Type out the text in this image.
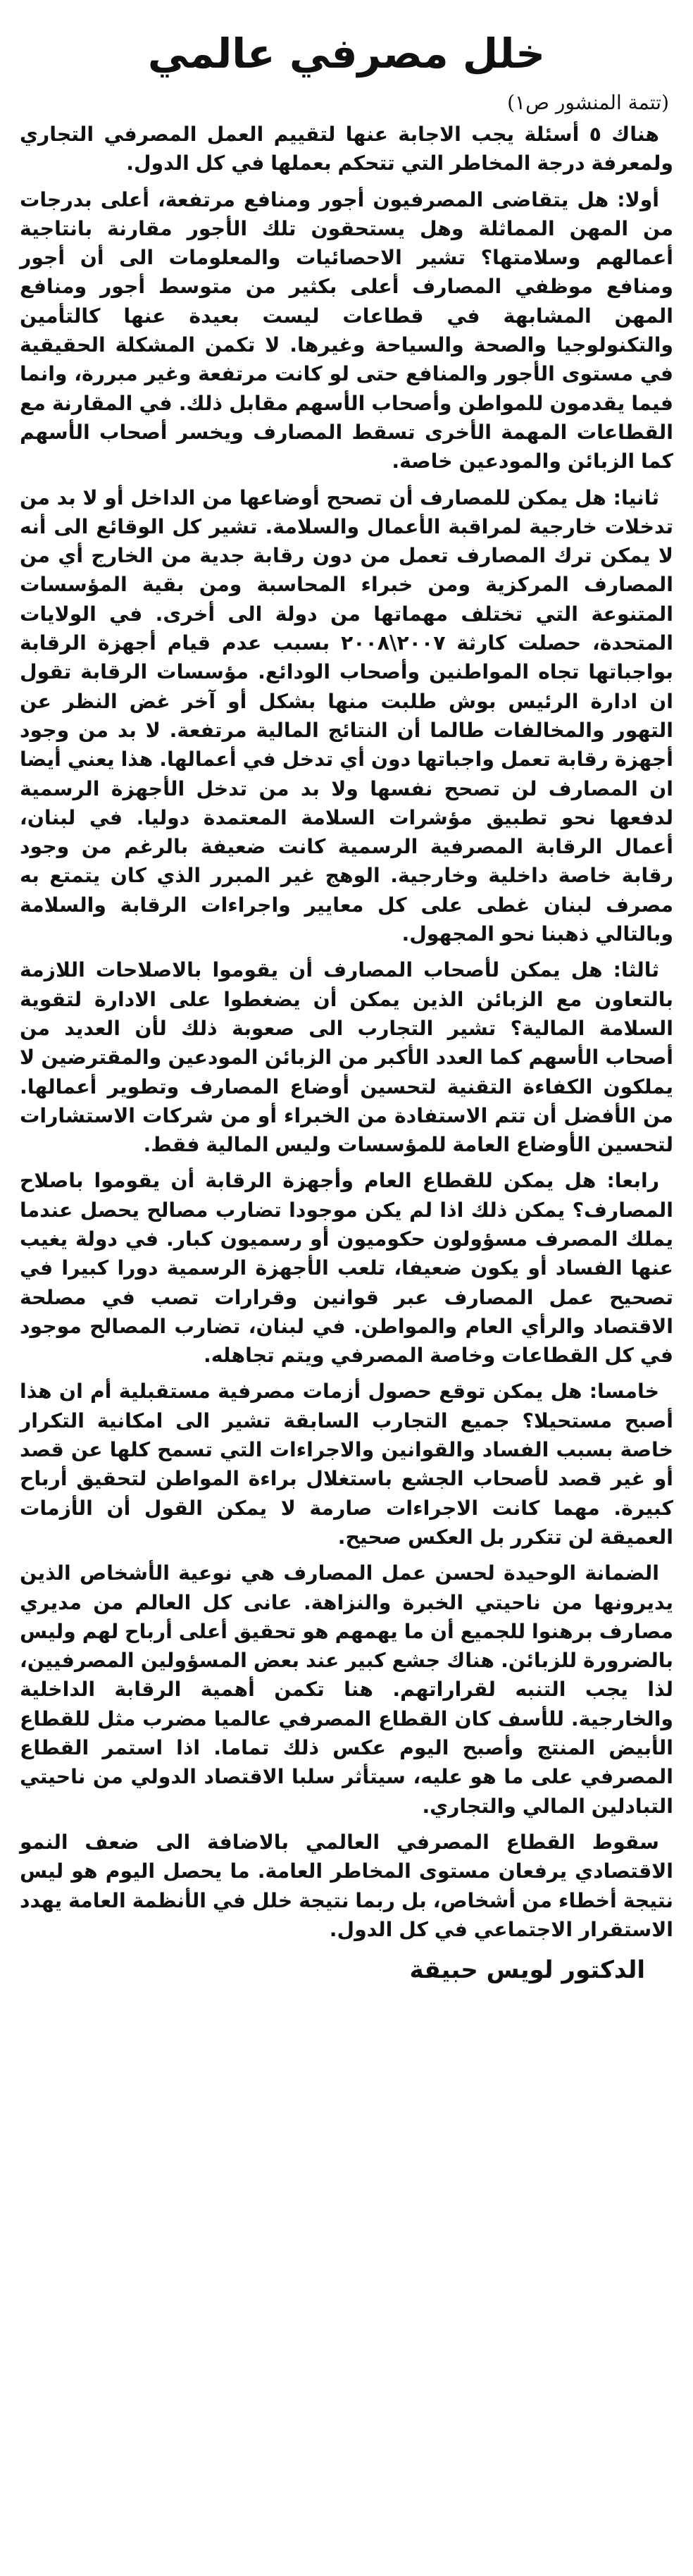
خلل مصرفي عالمي
(تتمة المنشور ص١)

هناك ٥ أسئلة يجب الاجابة عنها لتقييم العمل المصرفي التجاري ولمعرفة درجة المخاطر التي تتحكم بعملها في كل الدول.

أولا: هل يتقاضى المصرفيون أجور ومنافع مرتفعة، أعلى بدرجات من المهن المماثلة وهل يستحقون تلك الأجور مقارنة بانتاجية أعمالهم وسلامتها؟ تشير الاحصائيات والمعلومات الى أن أجور ومنافع موظفي المصارف أعلى بكثير من متوسط أجور ومنافع المهن المشابهة في قطاعات ليست بعيدة عنها كالتأمين والتكنولوجيا والصحة والسياحة وغيرها. لا تكمن المشكلة الحقيقية في مستوى الأجور والمنافع حتى لو كانت مرتفعة وغير مبررة، وانما فيما يقدمون للمواطن وأصحاب الأسهم مقابل ذلك. في المقارنة مع القطاعات المهمة الأخرى تسقط المصارف ويخسر أصحاب الأسهم كما الزبائن والمودعين خاصة.

ثانيا: هل يمكن للمصارف أن تصحح أوضاعها من الداخل أو لا بد من تدخلات خارجية لمراقبة الأعمال والسلامة. تشير كل الوقائع الى أنه لا يمكن ترك المصارف تعمل من دون رقابة جدية من الخارج أي من المصارف المركزية ومن خبراء المحاسبة ومن بقية المؤسسات المتنوعة التي تختلف مهماتها من دولة الى أخرى. في الولايات المتحدة، حصلت كارثة ٢٠٠٧\٢٠٠٨ بسبب عدم قيام أجهزة الرقابة بواجباتها تجاه المواطنين وأصحاب الودائع. مؤسسات الرقابة تقول ان ادارة الرئيس بوش طلبت منها بشكل أو آخر غض النظر عن التهور والمخالفات طالما أن النتائج المالية مرتفعة. لا بد من وجود أجهزة رقابة تعمل واجباتها دون أي تدخل في أعمالها. هذا يعني أيضا ان المصارف لن تصحح نفسها ولا بد من تدخل الأجهزة الرسمية لدفعها نحو تطبيق مؤشرات السلامة المعتمدة دوليا. في لبنان، أعمال الرقابة المصرفية الرسمية كانت ضعيفة بالرغم من وجود رقابة خاصة داخلية وخارجية. الوهج غير المبرر الذي كان يتمتع به مصرف لبنان غطى على كل معايير واجراءات الرقابة والسلامة وبالتالي ذهبنا نحو المجهول.

ثالثا: هل يمكن لأصحاب المصارف أن يقوموا بالاصلاحات اللازمة بالتعاون مع الزبائن الذين يمكن أن يضغطوا على الادارة لتقوية السلامة المالية؟ تشير التجارب الى صعوبة ذلك لأن العديد من أصحاب الأسهم كما العدد الأكبر من الزبائن المودعين والمقترضين لا يملكون الكفاءة التقنية لتحسين أوضاع المصارف وتطوير أعمالها. من الأفضل أن تتم الاستفادة من الخبراء أو من شركات الاستشارات لتحسين الأوضاع العامة للمؤسسات وليس المالية فقط.

رابعا: هل يمكن للقطاع العام وأجهزة الرقابة أن يقوموا باصلاح المصارف؟ يمكن ذلك اذا لم يكن موجودا تضارب مصالح يحصل عندما يملك المصرف مسؤولون حكوميون أو رسميون كبار. في دولة يغيب عنها الفساد أو يكون ضعيفا، تلعب الأجهزة الرسمية دورا كبيرا في تصحيح عمل المصارف عبر قوانين وقرارات تصب في مصلحة الاقتصاد والرأي العام والمواطن. في لبنان، تضارب المصالح موجود في كل القطاعات وخاصة المصرفي ويتم تجاهله.

خامسا: هل يمكن توقع حصول أزمات مصرفية مستقبلية أم ان هذا أصبح مستحيلا؟ جميع التجارب السابقة تشير الى امكانية التكرار خاصة بسبب الفساد والقوانين والاجراءات التي تسمح كلها عن قصد أو غير قصد لأصحاب الجشع باستغلال براءة المواطن لتحقيق أرباح كبيرة. مهما كانت الاجراءات صارمة لا يمكن القول أن الأزمات العميقة لن تتكرر بل العكس صحيح.

الضمانة الوحيدة لحسن عمل المصارف هي نوعية الأشخاص الذين يديرونها من ناحيتي الخبرة والنزاهة. عانى كل العالم من مديري مصارف برهنوا للجميع أن ما يهمهم هو تحقيق أعلى أرباح لهم وليس بالضرورة للزبائن. هناك جشع كبير عند بعض المسؤولين المصرفيين، لذا يجب التنبه لقراراتهم. هنا تكمن أهمية الرقابة الداخلية والخارجية. للأسف كان القطاع المصرفي عالميا مضرب مثل للقطاع الأبيض المنتج وأصبح اليوم عكس ذلك تماما. اذا استمر القطاع المصرفي على ما هو عليه، سيتأثر سلبا الاقتصاد الدولي من ناحيتي التبادلين المالي والتجاري.

سقوط القطاع المصرفي العالمي بالاضافة الى ضعف النمو الاقتصادي يرفعان مستوى المخاطر العامة. ما يحصل اليوم هو ليس نتيجة أخطاء من أشخاص، بل ربما نتيجة خلل في الأنظمة العامة يهدد الاستقرار الاجتماعي في كل الدول.

الدكتور لويس حبيقة
